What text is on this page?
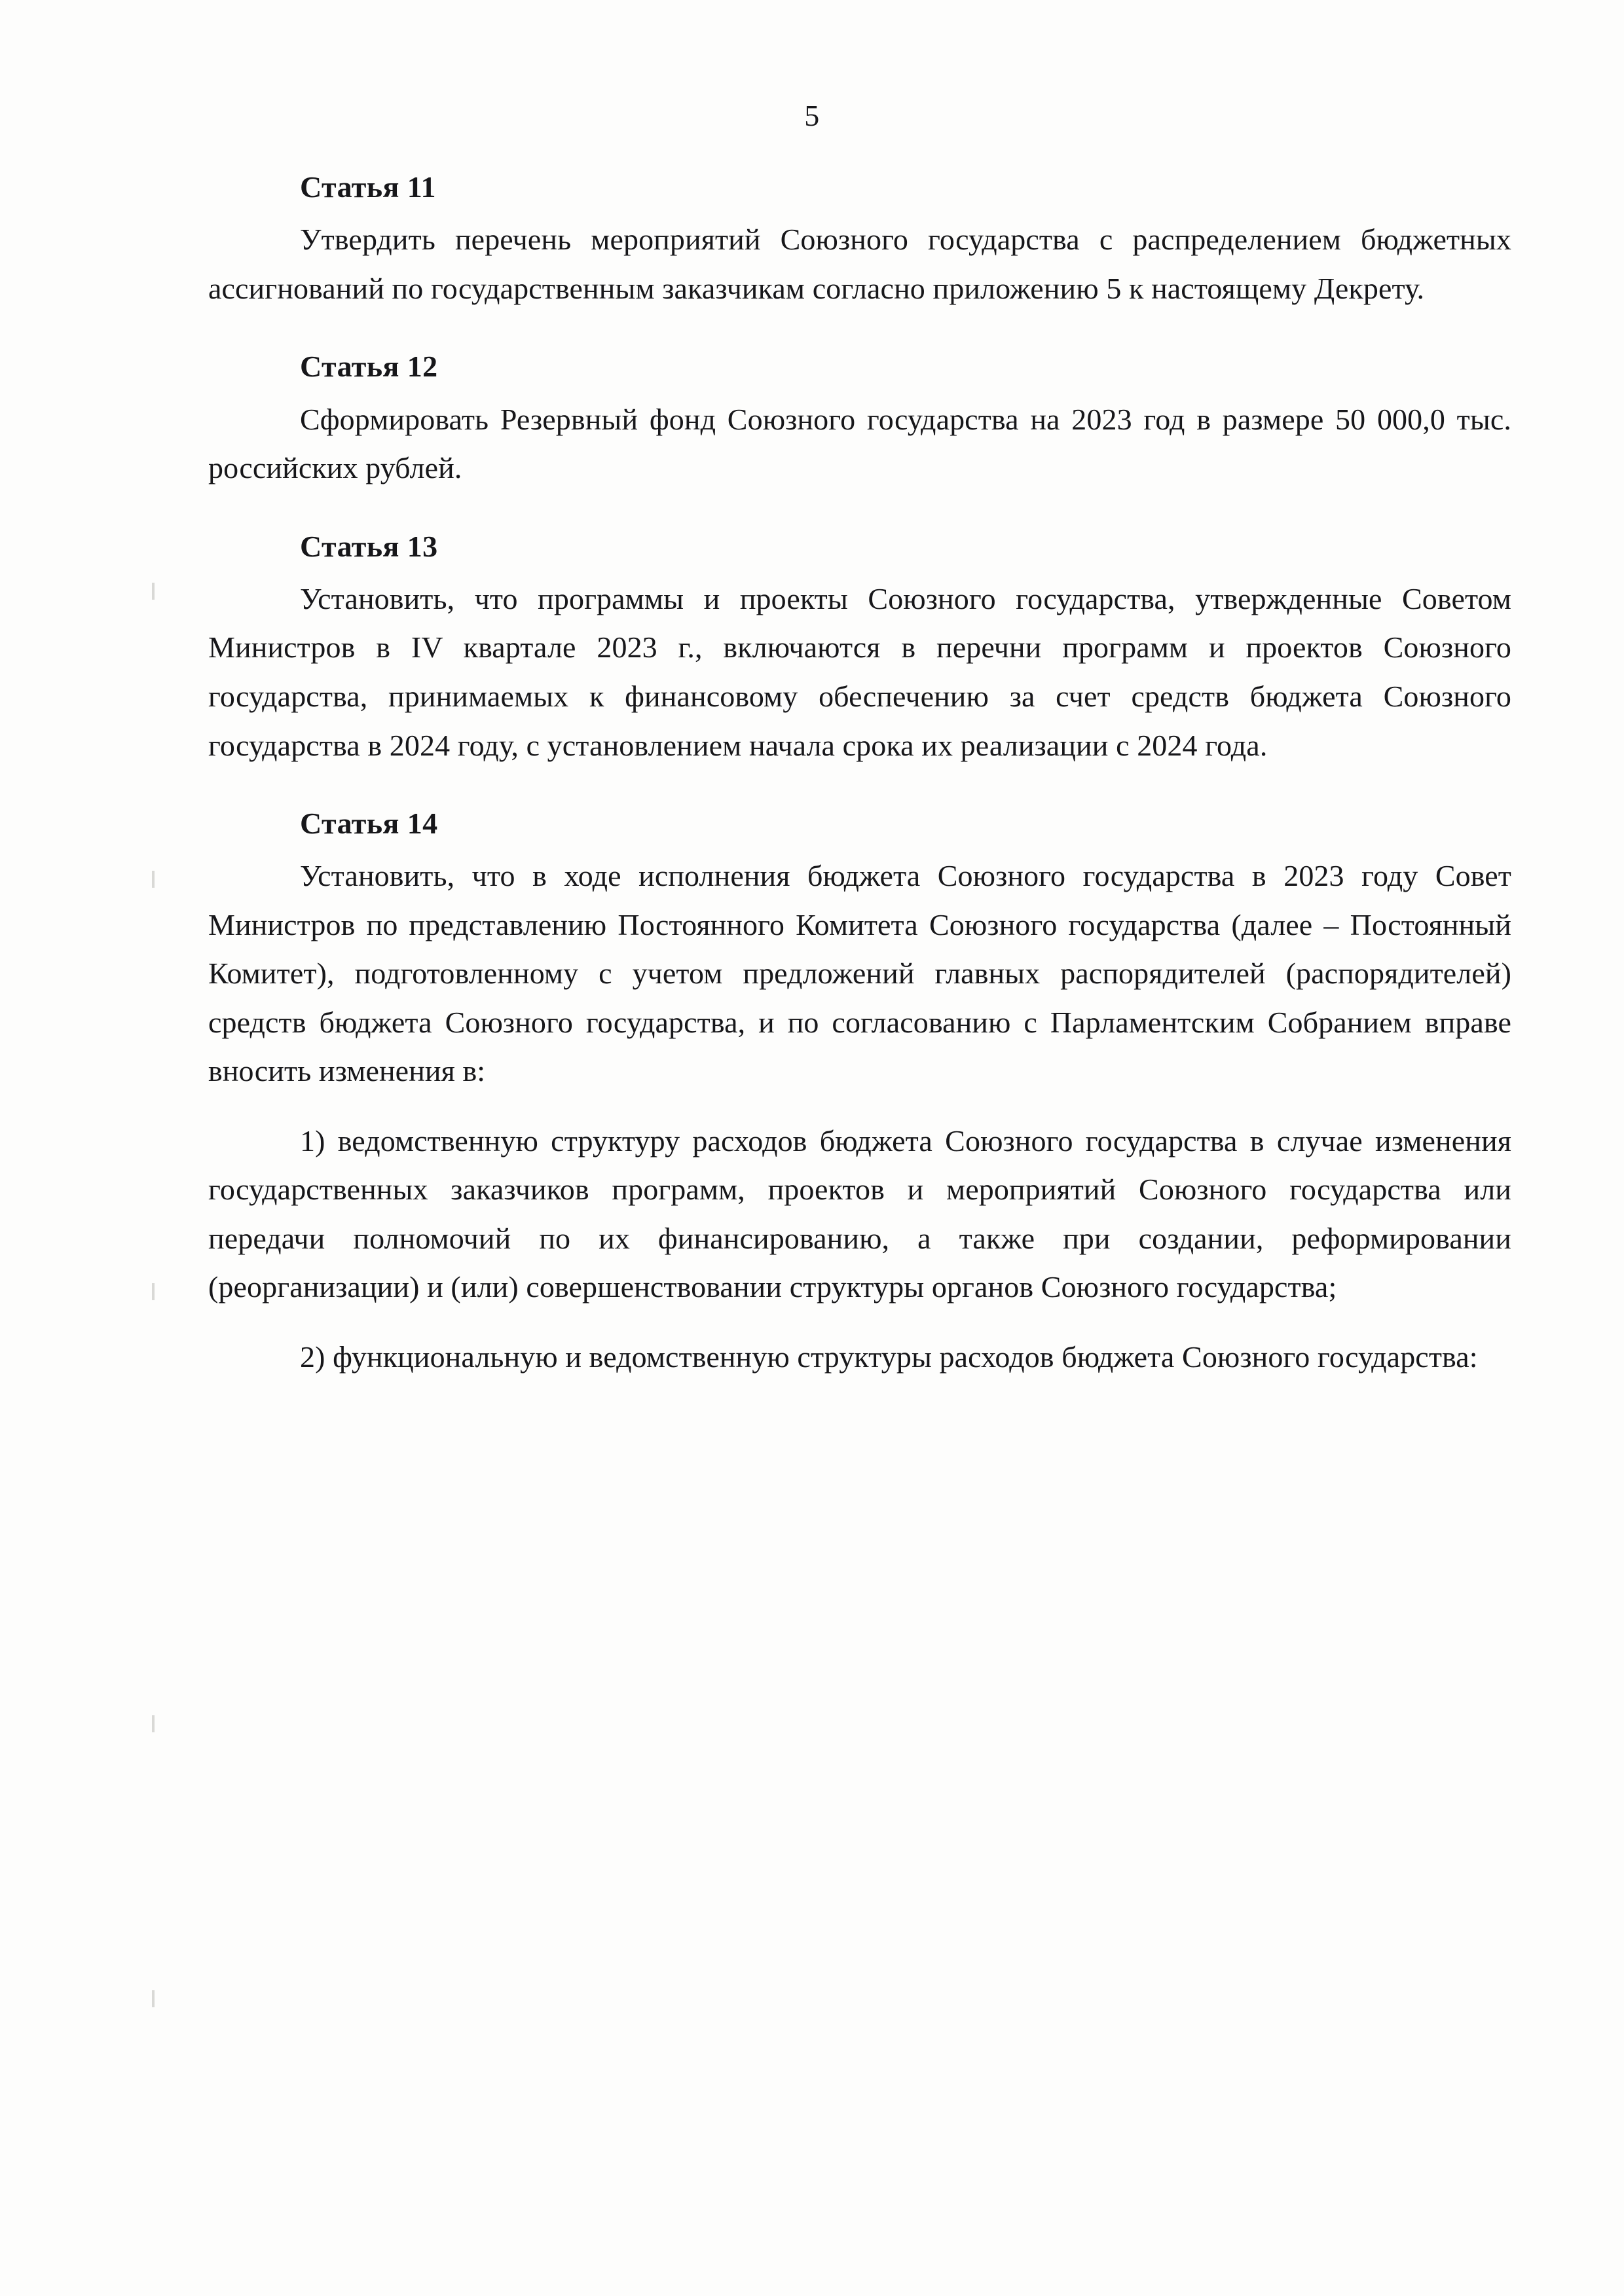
5
Статья 11

Утвердить перечень мероприятий Союзного государства с распределением бюджетных ассигнований по государственным заказчикам согласно приложению 5 к настоящему Декрету.

Статья 12

Сформировать Резервный фонд Союзного государства на 2023 год в размере 50 000,0 тыс. российских рублей.

Статья 13

Установить, что программы и проекты Союзного государства, утвержденные Советом Министров в IV квартале 2023 г., включаются в перечни программ и проектов Союзного государства, принимаемых к финансовому обеспечению за счет средств бюджета Союзного государства в 2024 году, с установлением начала срока их реализации с 2024 года.

Статья 14

Установить, что в ходе исполнения бюджета Союзного государства в 2023 году Совет Министров по представлению Постоянного Комитета Союзного государства (далее – Постоянный Комитет), подготовленному с учетом предложений главных распорядителей (распорядителей) средств бюджета Союзного государства, и по согласованию с Парламентским Собранием вправе вносить изменения в:

1) ведомственную структуру расходов бюджета Союзного государства в случае изменения государственных заказчиков программ, проектов и мероприятий Союзного государства или передачи полномочий по их финансированию, а также при создании, реформировании (реорганизации) и (или) совершенствовании структуры органов Союзного государства;

2) функциональную и ведомственную структуры расходов бюджета Союзного государства:
